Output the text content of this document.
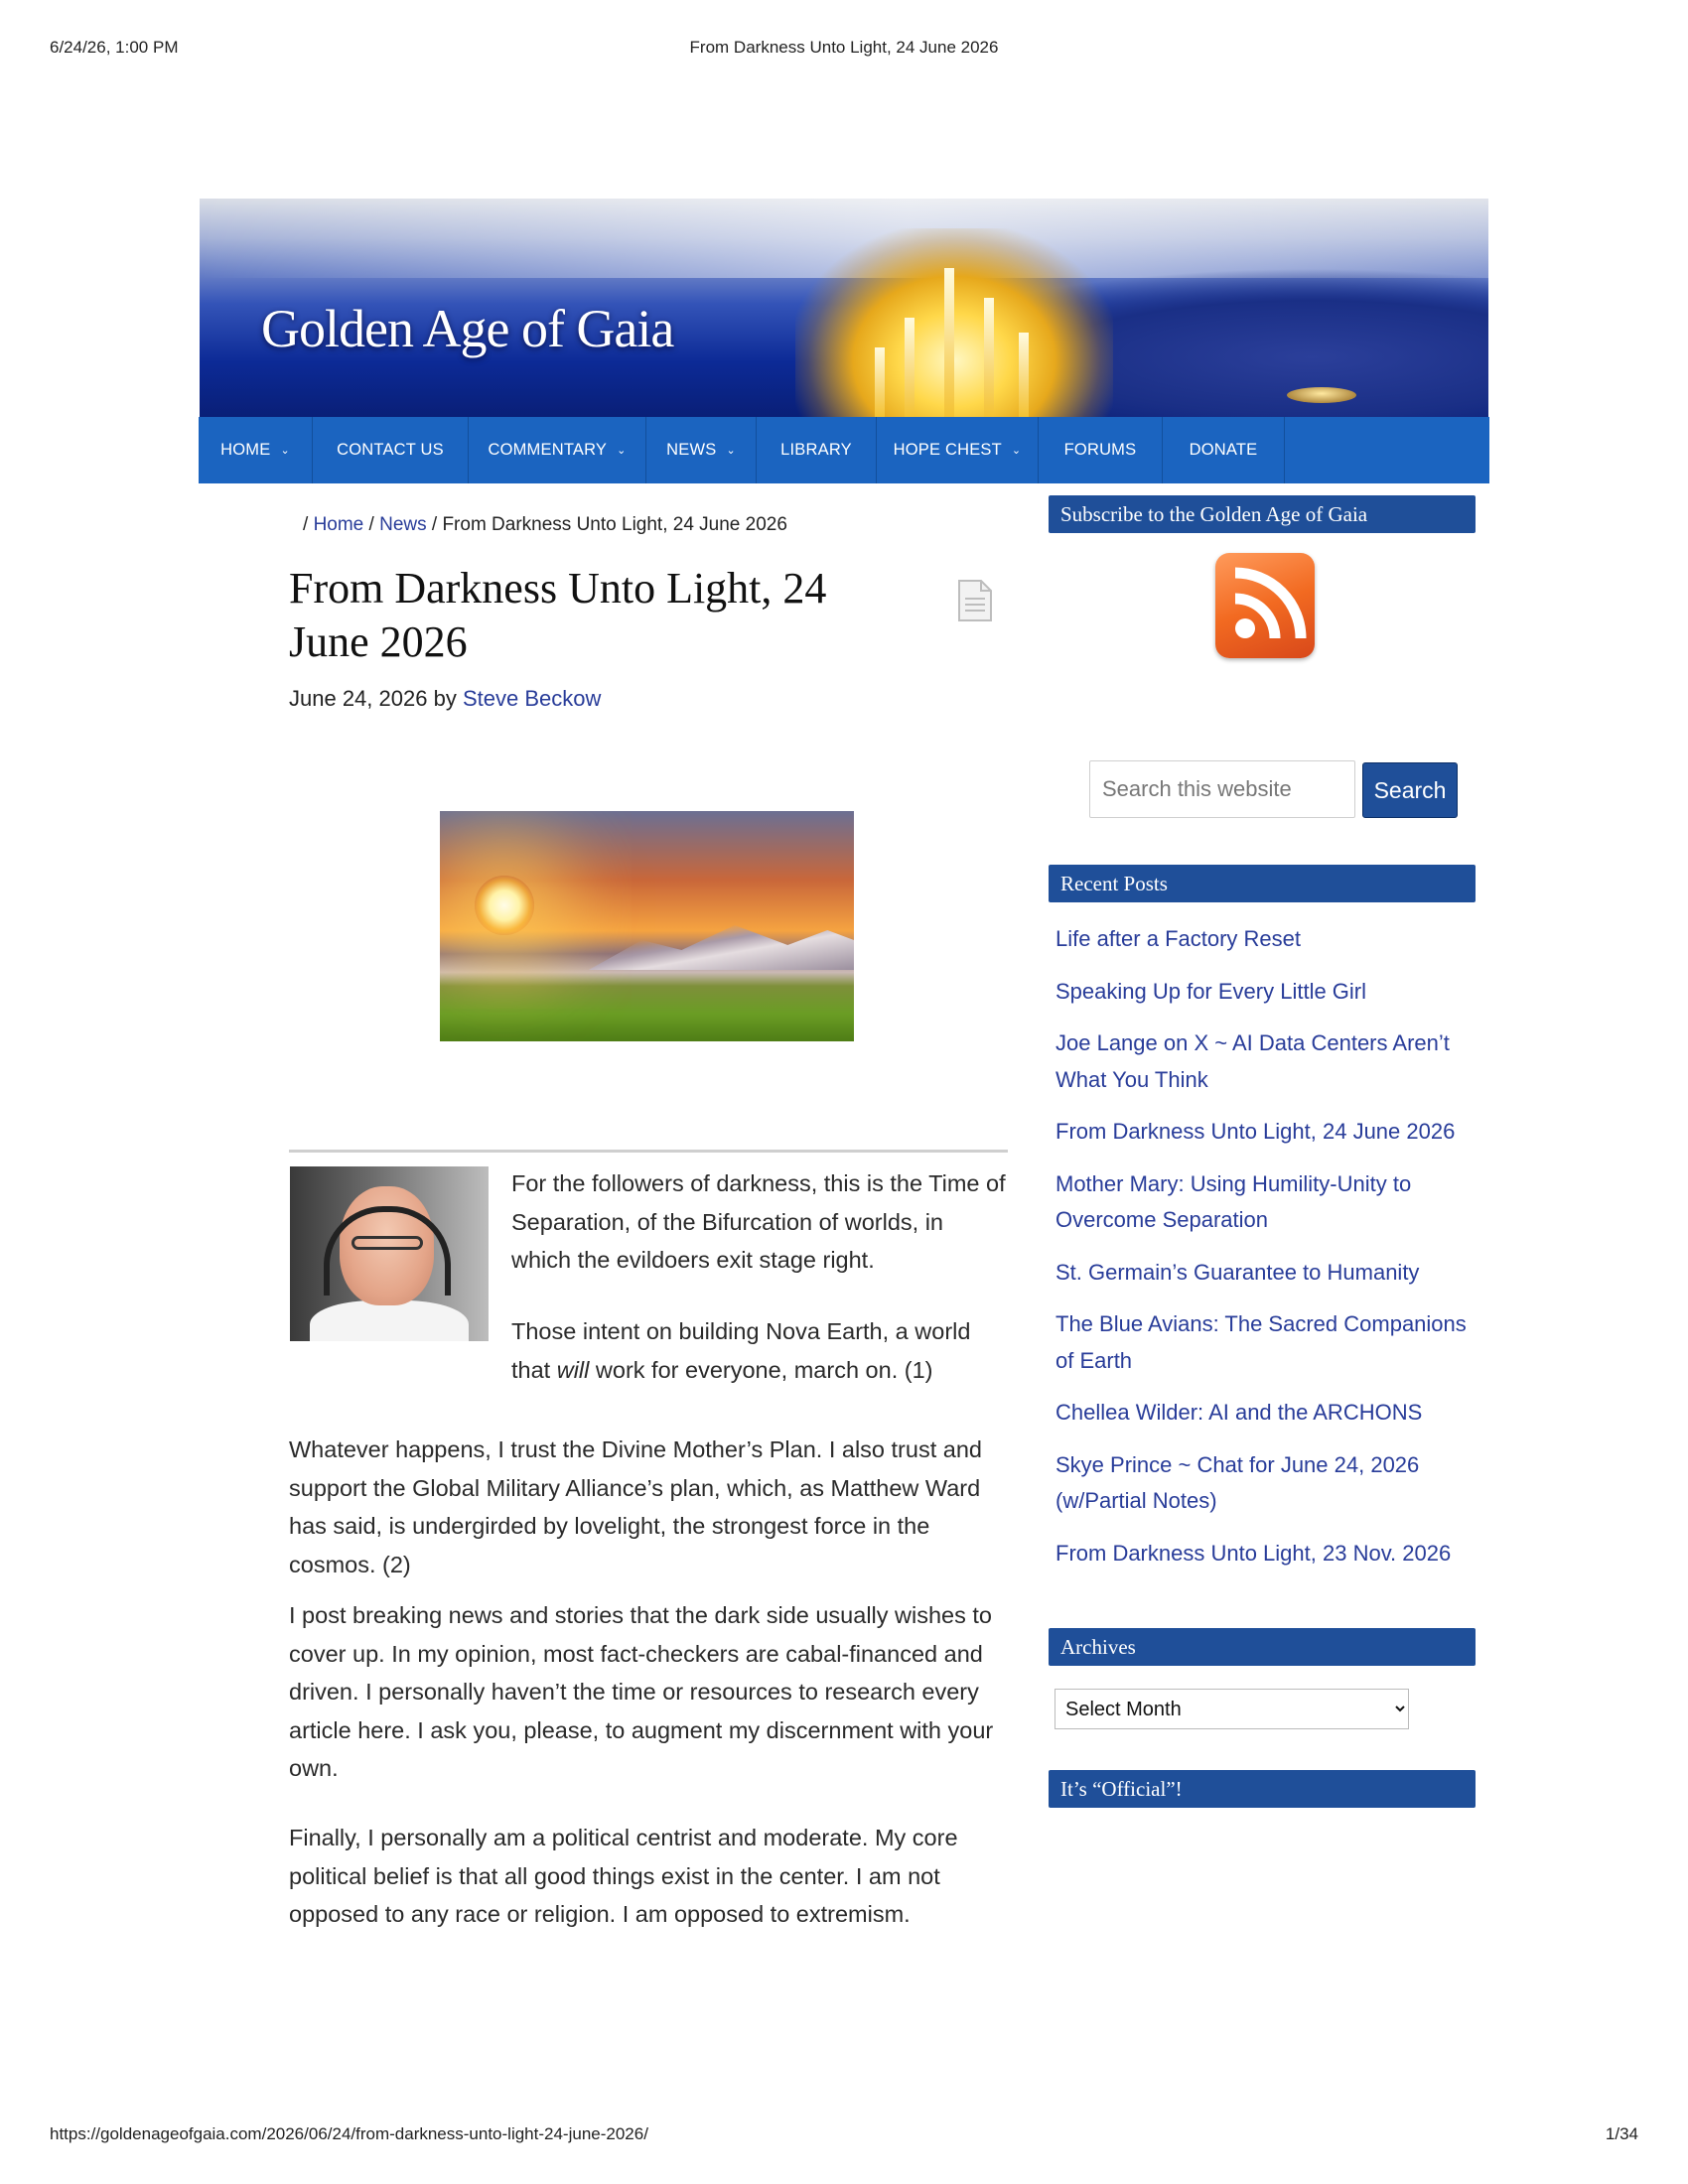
6/24/26, 1:00 PM	From Darkness Unto Light, 24 June 2026
Golden Age of Gaia
HOME ⌄	CONTACT US	COMMENTARY ⌄ NEWS ⌄	LIBRARY	HOPE CHEST ⌄	FORUMS	DONATE
/ Home / News / From Darkness Unto Light, 24 June 2026
From Darkness Unto Light, 24 June 2026
June 24, 2026 by Steve Beckow

For the followers of darkness, this is the Time of Separation, of the Bifurcation of worlds, in which the evildoers exit stage right.

Those intent on building Nova Earth, a world that will work for everyone, march on. (1)

Whatever happens, I trust the Divine Mother’s Plan. I also trust and support the Global Military Alliance’s plan, which, as Matthew Ward has said, is undergirded by lovelight, the strongest force in the cosmos. (2)

I post breaking news and stories that the dark side usually wishes to cover up. In my opinion, most fact-checkers are cabal-financed and driven. I personally haven’t the time or resources to research every article here. I ask you, please, to augment my discernment with your own.

Finally, I personally am a political centrist and moderate. My core political belief is that all good things exist in the center. I am not opposed to any race or religion. I am opposed to extremism.

Subscribe to the Golden Age of Gaia
Search this website
Search
Recent Posts
Life after a Factory Reset
Speaking Up for Every Little Girl
Joe Lange on X ~ AI Data Centers Aren’t What You Think
From Darkness Unto Light, 24 June 2026
Mother Mary: Using Humility-Unity to Overcome Separation
St. Germain’s Guarantee to Humanity
The Blue Avians: The Sacred Companions of Earth
Chellea Wilder: AI and the ARCHONS
Skye Prince ~ Chat for June 24, 2026 (w/Partial Notes)
From Darkness Unto Light, 23 Nov. 2026
Archives
Select Month
It’s “Official”!
https://goldenageofgaia.com/2026/06/24/from-darkness-unto-light-24-june-2026/	1/34
